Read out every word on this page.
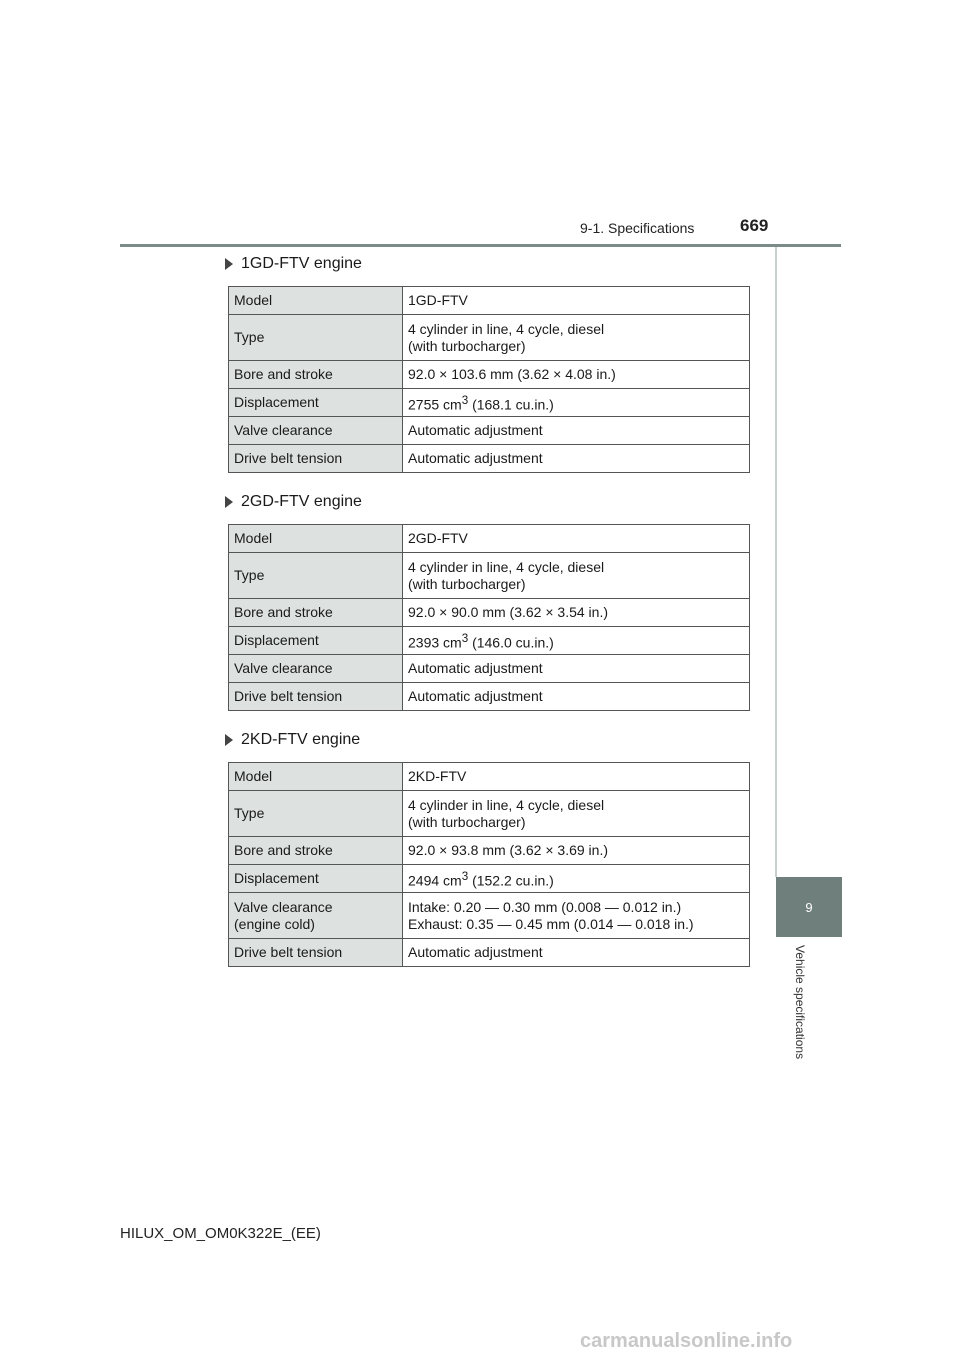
9-1. Specifications	669
9
Vehicle specifications
1GD-FTV engine
Model	1GD-FTV
Type	4 cylinder in line, 4 cycle, diesel
(with turbocharger)
Bore and stroke	92.0 × 103.6 mm (3.62 × 4.08 in.)
Displacement	2755 $cm^3$ (168.1 cu.in.)
Valve clearance	Automatic adjustment
Drive belt tension	Automatic adjustment
2GD-FTV engine
Model	2GD-FTV
Type	4 cylinder in line, 4 cycle, diesel
(with turbocharger)
Bore and stroke	92.0 × 90.0 mm (3.62 × 3.54 in.)
Displacement	2393 $cm^3$ (146.0 cu.in.)
Valve clearance	Automatic adjustment
Drive belt tension	Automatic adjustment
2KD-FTV engine
Model	2KD-FTV
Type	4 cylinder in line, 4 cycle, diesel
(with turbocharger)
Bore and stroke	92.0 × 93.8 mm (3.62 × 3.69 in.)
Displacement	2494 $cm^3$ (152.2 cu.in.)
Valve clearance
(engine cold)	Intake: 0.20 — 0.30 mm (0.008 — 0.012 in.)
Exhaust: 0.35 — 0.45 mm (0.014 — 0.018 in.)
Drive belt tension	Automatic adjustment
HILUX_OM_OM0K322E_(EE)
carmanualsonline.info
